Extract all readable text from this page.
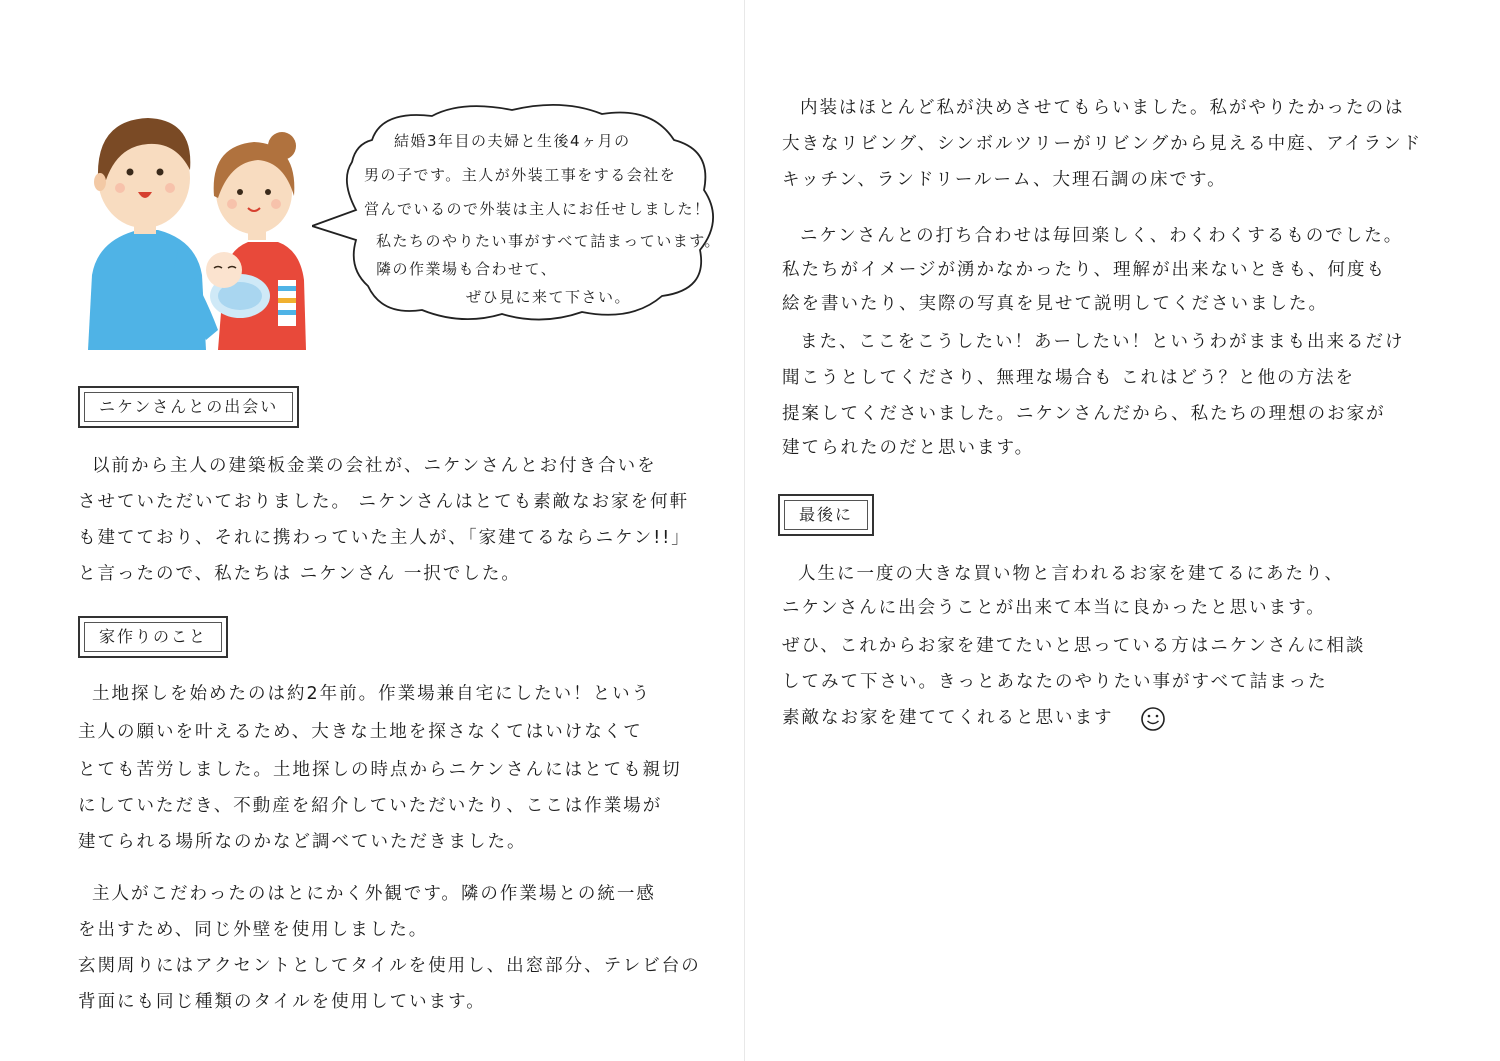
結婚3年目の夫婦と生後4ヶ月の
男の子です。主人が外装工事をする会社を
営んでいるので外装は主人にお任せしました！
私たちのやりたい事がすべて詰まっています。
隣の作業場も合わせて、
ぜひ見に来て下さい。
ニケンさんとの出会い
以前から主人の建築板金業の会社が、ニケンさんとお付き合いを
させていただいておりました。 ニケンさんはとても素敵なお家を何軒
も建てており、それに携わっていた主人が、「家建てるならニケン!!」
と言ったので、私たちは ニケンさん 一択でした。
家作りのこと
土地探しを始めたのは約2年前。作業場兼自宅にしたい！という
主人の願いを叶えるため、大きな土地を探さなくてはいけなくて
とても苦労しました。土地探しの時点からニケンさんにはとても親切
にしていただき、不動産を紹介していただいたり、ここは作業場が
建てられる場所なのかなど調べていただきました。
主人がこだわったのはとにかく外観です。隣の作業場との統一感
を出すため、同じ外壁を使用しました。
玄関周りにはアクセントとしてタイルを使用し、出窓部分、テレビ台の
背面にも同じ種類のタイルを使用しています。
内装はほとんど私が決めさせてもらいました。私がやりたかったのは
大きなリビング、シンボルツリーがリビングから見える中庭、アイランド
キッチン、ランドリールーム、大理石調の床です。
ニケンさんとの打ち合わせは毎回楽しく、わくわくするものでした。
私たちがイメージが湧かなかったり、理解が出来ないときも、何度も
絵を書いたり、実際の写真を見せて説明してくださいました。
また、ここをこうしたい！あーしたい！というわがままも出来るだけ
聞こうとしてくださり、無理な場合も これはどう？と他の方法を
提案してくださいました。ニケンさんだから、私たちの理想のお家が
建てられたのだと思います。
最後に
人生に一度の大きな買い物と言われるお家を建てるにあたり、
ニケンさんに出会うことが出来て本当に良かったと思います。
ぜひ、これからお家を建てたいと思っている方はニケンさんに相談
してみて下さい。きっとあなたのやりたい事がすべて詰まった
素敵なお家を建ててくれると思います
